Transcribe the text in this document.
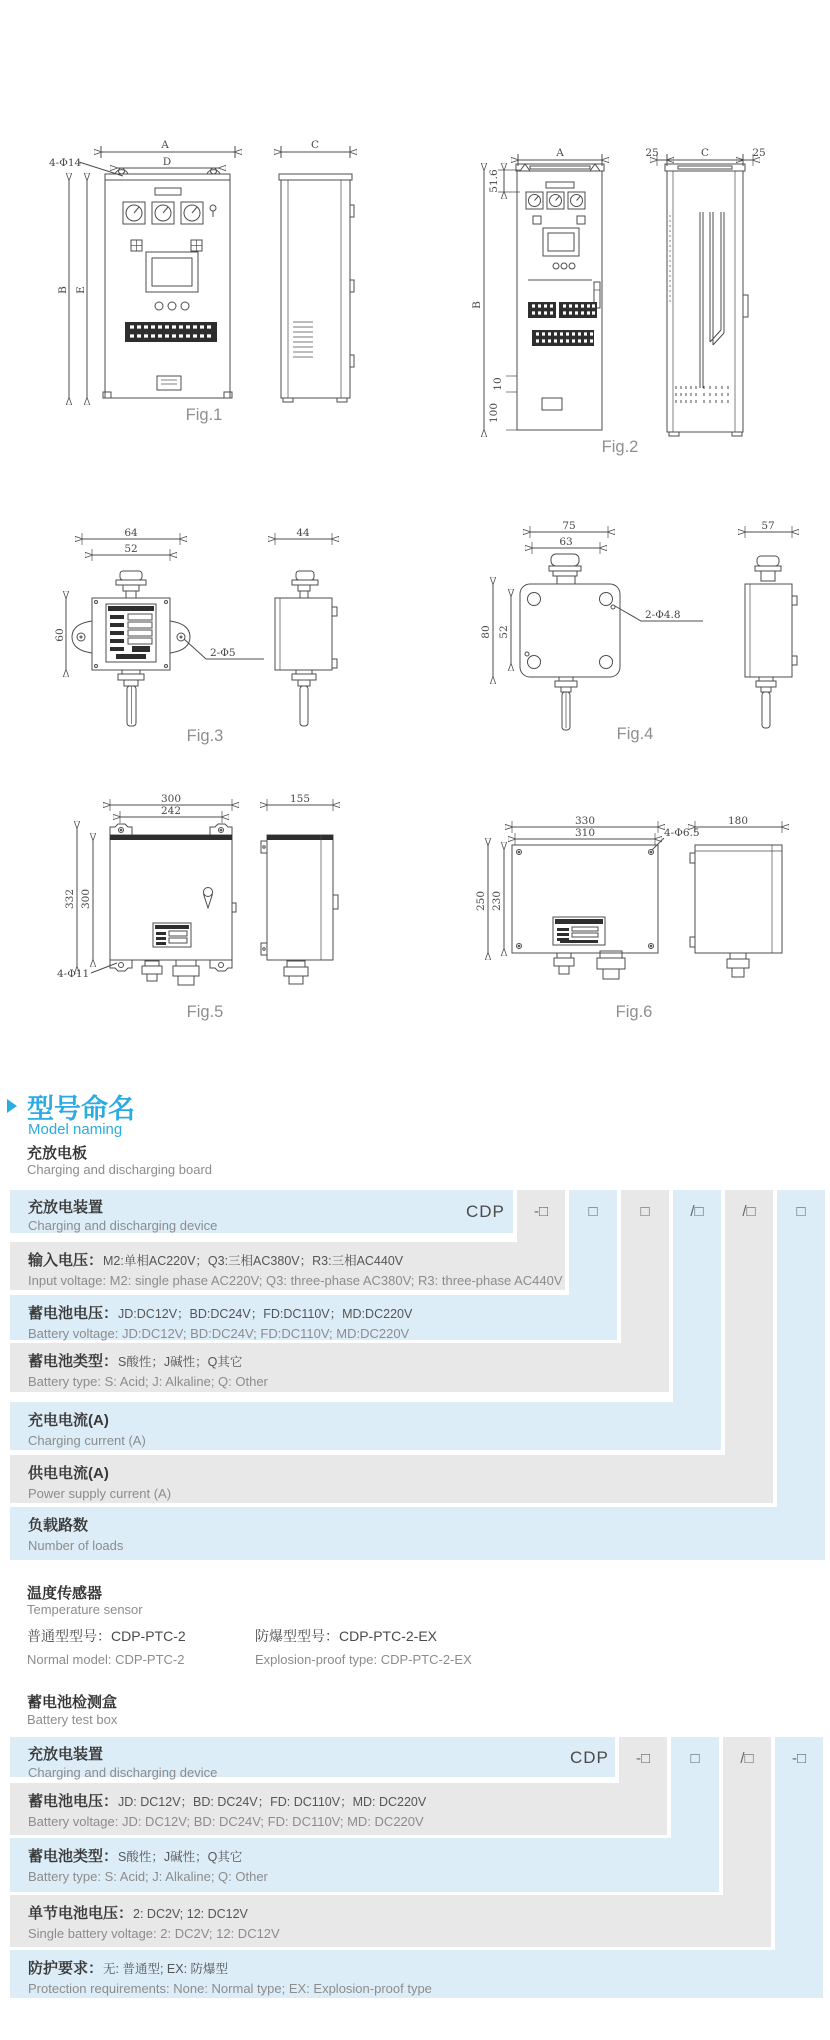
A
D
4-Φ14
B E
C
Fig.1
A
51.6
B
10
100
25	C	25
Fig.2
64
52
60
2-Φ5
44
Fig.3
75
63
80 52
2-Φ4.8
57
Fig.4
300
242
332 300
4-Φ11
155
Fig.5
330
310	4-Φ6.5
250 230
180
Fig.6
型号命名
Model naming
充放电板
Charging and discharging board
充放电装置
Charging and discharging device
CDP	-□	□	□	/□	/□	□
输入电压：M2:单相AC220V；Q3:三相AC380V；R3:三相AC440V
Input voltage: M2: single phase AC220V; Q3: three-phase AC380V; R3: three-phase AC440V
蓄电池电压：JD:DC12V；BD:DC24V；FD:DC110V；MD:DC220V
Battery voltage: JD:DC12V; BD:DC24V; FD:DC110V; MD:DC220V
蓄电池类型：S酸性；J碱性；Q其它
Battery type: S: Acid; J: Alkaline; Q: Other
充电电流(A)
Charging current (A)
供电电流(A)
Power supply current (A)
负载路数
Number of loads
温度传感器
Temperature sensor
普通型型号：CDP-PTC-2	防爆型型号：CDP-PTC-2-EX
Normal model: CDP-PTC-2	Explosion-proof type: CDP-PTC-2-EX
蓄电池检测盒
Battery test box
充放电装置
Charging and discharging device
CDP	-□	□	/□	-□
蓄电池电压：JD: DC12V；BD: DC24V；FD: DC110V；MD: DC220V
Battery voltage: JD: DC12V; BD: DC24V; FD: DC110V; MD: DC220V
蓄电池类型：S酸性；J碱性；Q其它
Battery type: S: Acid; J: Alkaline; Q: Other
单节电池电压：2: DC2V; 12: DC12V
Single battery voltage: 2: DC2V; 12: DC12V
防护要求：无: 普通型; EX: 防爆型
Protection requirements: None: Normal type; EX: Explosion-proof type
